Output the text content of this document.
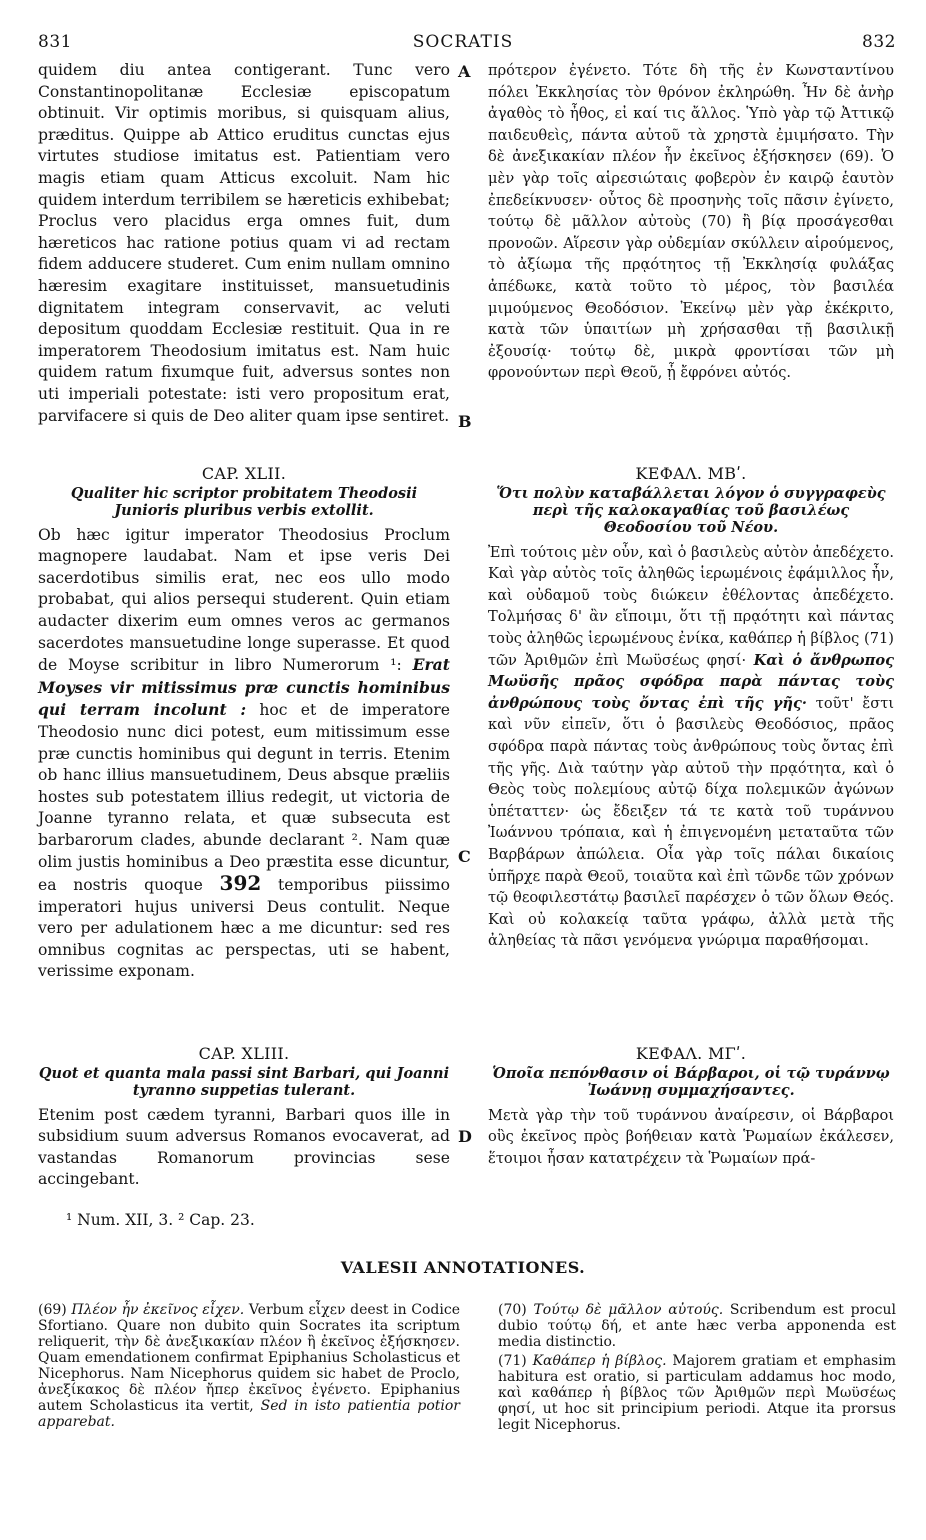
831	SOCRATIS	832
A
B
C
D

quidem diu antea contigerant. Tunc vero Constantinopolitanæ Ecclesiæ episcopatum obtinuit. Vir optimis moribus, si quisquam alius, præditus. Quippe ab Attico eruditus cunctas ejus virtutes studiose imitatus est. Patientiam vero magis etiam quam Atticus excoluit. Nam hic quidem interdum terribilem se hæreticis exhibebat; Proclus vero placidus erga omnes fuit, dum hæreticos hac ratione potius quam vi ad rectam fidem adducere studeret. Cum enim nullam omnino hæresim exagitare instituisset, mansuetudinis dignitatem integram conservavit, ac veluti depositum quoddam Ecclesiæ restituit. Qua in re imperatorem Theodosium imitatus est. Nam huic quidem ratum fixumque fuit, adversus sontes non uti imperiali potestate: isti vero propositum erat, parvifacere si quis de Deo aliter quam ipse sentiret.

CAP. XLII.

Qualiter hic scriptor probitatem Theodosii Junioris pluribus verbis extollit.

Ob hæc igitur imperator Theodosius Proclum magnopere laudabat. Nam et ipse veris Dei sacerdotibus similis erat, nec eos ullo modo probabat, qui alios persequi studerent. Quin etiam audacter dixerim eum omnes veros ac germanos sacerdotes mansuetudine longe superasse. Et quod de Moyse scribitur in libro Numerorum ¹: Erat Moyses vir mitissimus præ cunctis hominibus qui terram incolunt : hoc et de imperatore Theodosio nunc dici potest, eum mitissimum esse præ cunctis hominibus qui degunt in terris. Etenim ob hanc illius mansuetudinem, Deus absque præliis hostes sub potestatem illius redegit, ut victoria de Joanne tyranno relata, et quæ subsecuta est barbarorum clades, abunde declarant ². Nam quæ olim justis hominibus a Deo præstita esse dicuntur, ea nostris quoque 392 temporibus piissimo imperatori hujus universi Deus contulit. Neque vero per adulationem hæc a me dicuntur: sed res omnibus cognitas ac perspectas, uti se habent, verissime exponam.

CAP. XLIII.

Quot et quanta mala passi sint Barbari, qui Joanni tyranno suppetias tulerant.

Etenim post cædem tyranni, Barbari quos ille in subsidium suum adversus Romanos evocaverat, ad vastandas Romanorum provincias sese accingebant.

πρότερον ἐγένετο. Τότε δὴ τῆς ἐν Κωνσταντίνου πόλει Ἐκκλησίας τὸν θρόνον ἐκληρώθη. Ἦν δὲ ἀνὴρ ἀγαθὸς τὸ ἦθος, εἰ καί τις ἄλλος. Ὑπὸ γὰρ τῷ Ἀττικῷ παιδευθεὶς, πάντα αὐτοῦ τὰ χρηστὰ ἐμιμήσατο. Τὴν δὲ ἀνεξικακίαν πλέον ἦν ἐκεῖνος ἐξήσκησεν (69). Ὁ μὲν γὰρ τοῖς αἱρεσιώταις φοβερὸν ἐν καιρῷ ἑαυτὸν ἐπεδείκνυσεν· οὗτος δὲ προσηνὴς τοῖς πᾶσιν ἐγίνετο, τούτῳ δὲ μᾶλλον αὐτοὺς (70) ἢ βίᾳ προσάγεσθαι προνοῶν. Αἵρεσιν γὰρ οὐδεμίαν σκύλλειν αἱρούμενος, τὸ ἀξίωμα τῆς πρᾳότητος τῇ Ἐκκλησίᾳ φυλάξας ἀπέδωκε, κατὰ τοῦτο τὸ μέρος, τὸν βασιλέα μιμούμενος Θεοδόσιον. Ἐκείνῳ μὲν γὰρ ἐκέκριτο, κατὰ τῶν ὑπαιτίων μὴ χρήσασθαι τῇ βασιλικῇ ἐξουσίᾳ· τούτῳ δὲ, μικρὰ φροντίσαι τῶν μὴ φρονούντων περὶ Θεοῦ, ᾗ ἔφρόνει αὐτός.

ΚΕΦΑΛ. ΜΒʹ.

Ὅτι πολὺν καταβάλλεται λόγον ὁ συγγραφεὺς περὶ τῆς καλοκαγαθίας τοῦ βασιλέως Θεοδοσίου τοῦ Νέου.

Ἐπὶ τούτοις μὲν οὖν, καὶ ὁ βασιλεὺς αὐτὸν ἀπεδέχετο. Καὶ γὰρ αὐτὸς τοῖς ἀληθῶς ἱερωμένοις ἐφάμιλλος ἦν, καὶ οὐδαμοῦ τοὺς διώκειν ἐθέλοντας ἀπεδέχετο. Τολμήσας δ' ἂν εἴποιμι, ὅτι τῇ πρᾳότητι καὶ πάντας τοὺς ἀληθῶς ἱερωμένους ἐνίκα, καθάπερ ἡ βίβλος (71) τῶν Ἀριθμῶν ἐπὶ Μωϋσέως φησί· Καὶ ὁ ἄνθρωπος Μωϋσῆς πρᾶος σφόδρα παρὰ πάντας τοὺς ἀνθρώπους τοὺς ὄντας ἐπὶ τῆς γῆς· τοῦτ' ἔστι καὶ νῦν εἰπεῖν, ὅτι ὁ βασιλεὺς Θεοδόσιος, πρᾶος σφόδρα παρὰ πάντας τοὺς ἀνθρώπους τοὺς ὄντας ἐπὶ τῆς γῆς. Διὰ ταύτην γὰρ αὐτοῦ τὴν πρᾳότητα, καὶ ὁ Θεὸς τοὺς πολεμίους αὐτῷ δίχα πολεμικῶν ἀγώνων ὑπέταττεν· ὡς ἔδειξεν τά τε κατὰ τοῦ τυράννου Ἰωάννου τρόπαια, καὶ ἡ ἐπιγενομένη μεταταῦτα τῶν Βαρβάρων ἀπώλεια. Οἷα γὰρ τοῖς πάλαι δικαίοις ὑπῆρχε παρὰ Θεοῦ, τοιαῦτα καὶ ἐπὶ τῶνδε τῶν χρόνων τῷ θεοφιλεστάτῳ βασιλεῖ παρέσχεν ὁ τῶν ὅλων Θεός. Καὶ οὐ κολακείᾳ ταῦτα γράφω, ἀλλὰ μετὰ τῆς ἀληθείας τὰ πᾶσι γενόμενα γνώριμα παραθήσομαι.

ΚΕΦΑΛ. ΜΓʹ.

Ὁποῖα πεπόνθασιν οἱ Βάρβαροι, οἱ τῷ τυράννῳ Ἰωάννῃ συμμαχήσαντες.

Μετὰ γὰρ τὴν τοῦ τυράννου ἀναίρεσιν, οἱ Βάρβαροι οὓς ἐκεῖνος πρὸς βοήθειαν κατὰ Ῥωμαίων ἐκάλεσεν, ἕτοιμοι ἦσαν κατατρέχειν τὰ Ῥωμαίων πρά-

¹ Num. XII, 3. ² Cap. 23.
VALESII ANNOTATIONES.

(69) Πλέον ἦν ἐκεῖνος εἶχεν. Verbum εἶχεν deest in Codice Sfortiano. Quare non dubito quin Socrates ita scriptum reliquerit, τὴν δὲ ἀνεξικακίαν πλέον ἢ ἐκεῖνος ἐξήσκησεν. Quam emendationem confirmat Epiphanius Scholasticus et Nicephorus. Nam Nicephorus quidem sic habet de Proclo, ἀνεξίκακος δὲ πλέον ἤπερ ἐκεῖνος ἐγένετο. Epiphanius autem Scholasticus ita vertit, Sed in isto patientia potior apparebat.

(70) Τούτῳ δὲ μᾶλλον αὐτούς. Scribendum est procul dubio τούτῳ δή, et ante hæc verba apponenda est media distinctio.

(71) Καθάπερ ἡ βίβλος. Majorem gratiam et emphasim habitura est oratio, si particulam addamus hoc modo, καὶ καθάπερ ἡ βίβλος τῶν Ἀριθμῶν περὶ Μωϋσέως φησί, ut hoc sit principium periodi. Atque ita prorsus legit Nicephorus.
